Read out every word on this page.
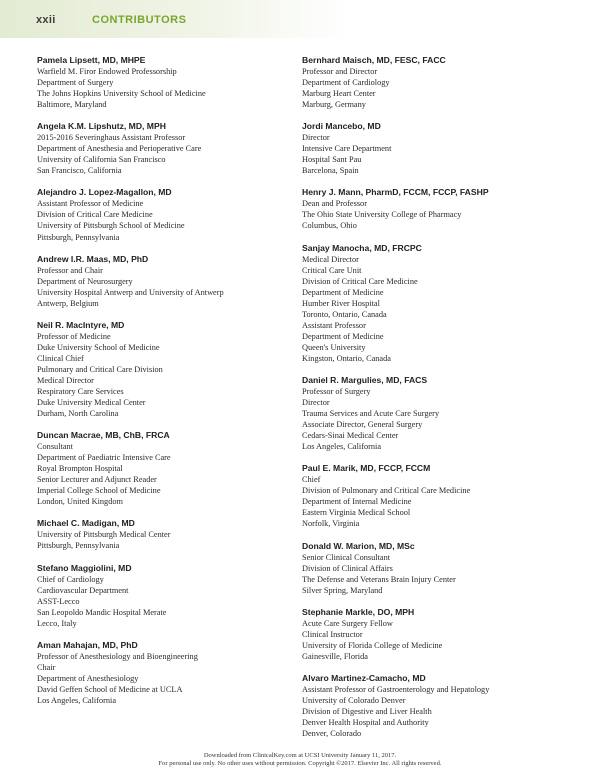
xxii	CONTRIBUTORS
Pamela Lipsett, MD, MHPE
Warfield M. Firor Endowed Professorship
Department of Surgery
The Johns Hopkins University School of Medicine
Baltimore, Maryland
Angela K.M. Lipshutz, MD, MPH
2015-2016 Severinghaus Assistant Professor
Department of Anesthesia and Perioperative Care
University of California San Francisco
San Francisco, California
Alejandro J. Lopez-Magallon, MD
Assistant Professor of Medicine
Division of Critical Care Medicine
University of Pittsburgh School of Medicine
Pittsburgh, Pennsylvania
Andrew I.R. Maas, MD, PhD
Professor and Chair
Department of Neurosurgery
University Hospital Antwerp and University of Antwerp
Antwerp, Belgium
Neil R. MacIntyre, MD
Professor of Medicine
Duke University School of Medicine
Clinical Chief
Pulmonary and Critical Care Division
Medical Director
Respiratory Care Services
Duke University Medical Center
Durham, North Carolina
Duncan Macrae, MB, ChB, FRCA
Consultant
Department of Paediatric Intensive Care
Royal Brompton Hospital
Senior Lecturer and Adjunct Reader
Imperial College School of Medicine
London, United Kingdom
Michael C. Madigan, MD
University of Pittsburgh Medical Center
Pittsburgh, Pennsylvania
Stefano Maggiolini, MD
Chief of Cardiology
Cardiovascular Department
ASST-Lecco
San Leopoldo Mandic Hospital Merate
Lecco, Italy
Aman Mahajan, MD, PhD
Professor of Anesthesiology and Bioengineering
Chair
Department of Anesthesiology
David Geffen School of Medicine at UCLA
Los Angeles, California
Bernhard Maisch, MD, FESC, FACC
Professor and Director
Department of Cardiology
Marburg Heart Center
Marburg, Germany
Jordi Mancebo, MD
Director
Intensive Care Department
Hospital Sant Pau
Barcelona, Spain
Henry J. Mann, PharmD, FCCM, FCCP, FASHP
Dean and Professor
The Ohio State University College of Pharmacy
Columbus, Ohio
Sanjay Manocha, MD, FRCPC
Medical Director
Critical Care Unit
Division of Critical Care Medicine
Department of Medicine
Humber River Hospital
Toronto, Ontario, Canada
Assistant Professor
Department of Medicine
Queen's University
Kingston, Ontario, Canada
Daniel R. Margulies, MD, FACS
Professor of Surgery
Director
Trauma Services and Acute Care Surgery
Associate Director, General Surgery
Cedars-Sinai Medical Center
Los Angeles, California
Paul E. Marik, MD, FCCP, FCCM
Chief
Division of Pulmonary and Critical Care Medicine
Department of Internal Medicine
Eastern Virginia Medical School
Norfolk, Virginia
Donald W. Marion, MD, MSc
Senior Clinical Consultant
Division of Clinical Affairs
The Defense and Veterans Brain Injury Center
Silver Spring, Maryland
Stephanie Markle, DO, MPH
Acute Care Surgery Fellow
Clinical Instructor
University of Florida College of Medicine
Gainesville, Florida
Alvaro Martinez-Camacho, MD
Assistant Professor of Gastroenterology and Hepatology
University of Colorado Denver
Division of Digestive and Liver Health
Denver Health Hospital and Authority
Denver, Colorado
Downloaded from ClinicalKey.com at UCSI University January 11, 2017.
For personal use only. No other uses without permission. Copyright ©2017. Elsevier Inc. All rights reserved.
